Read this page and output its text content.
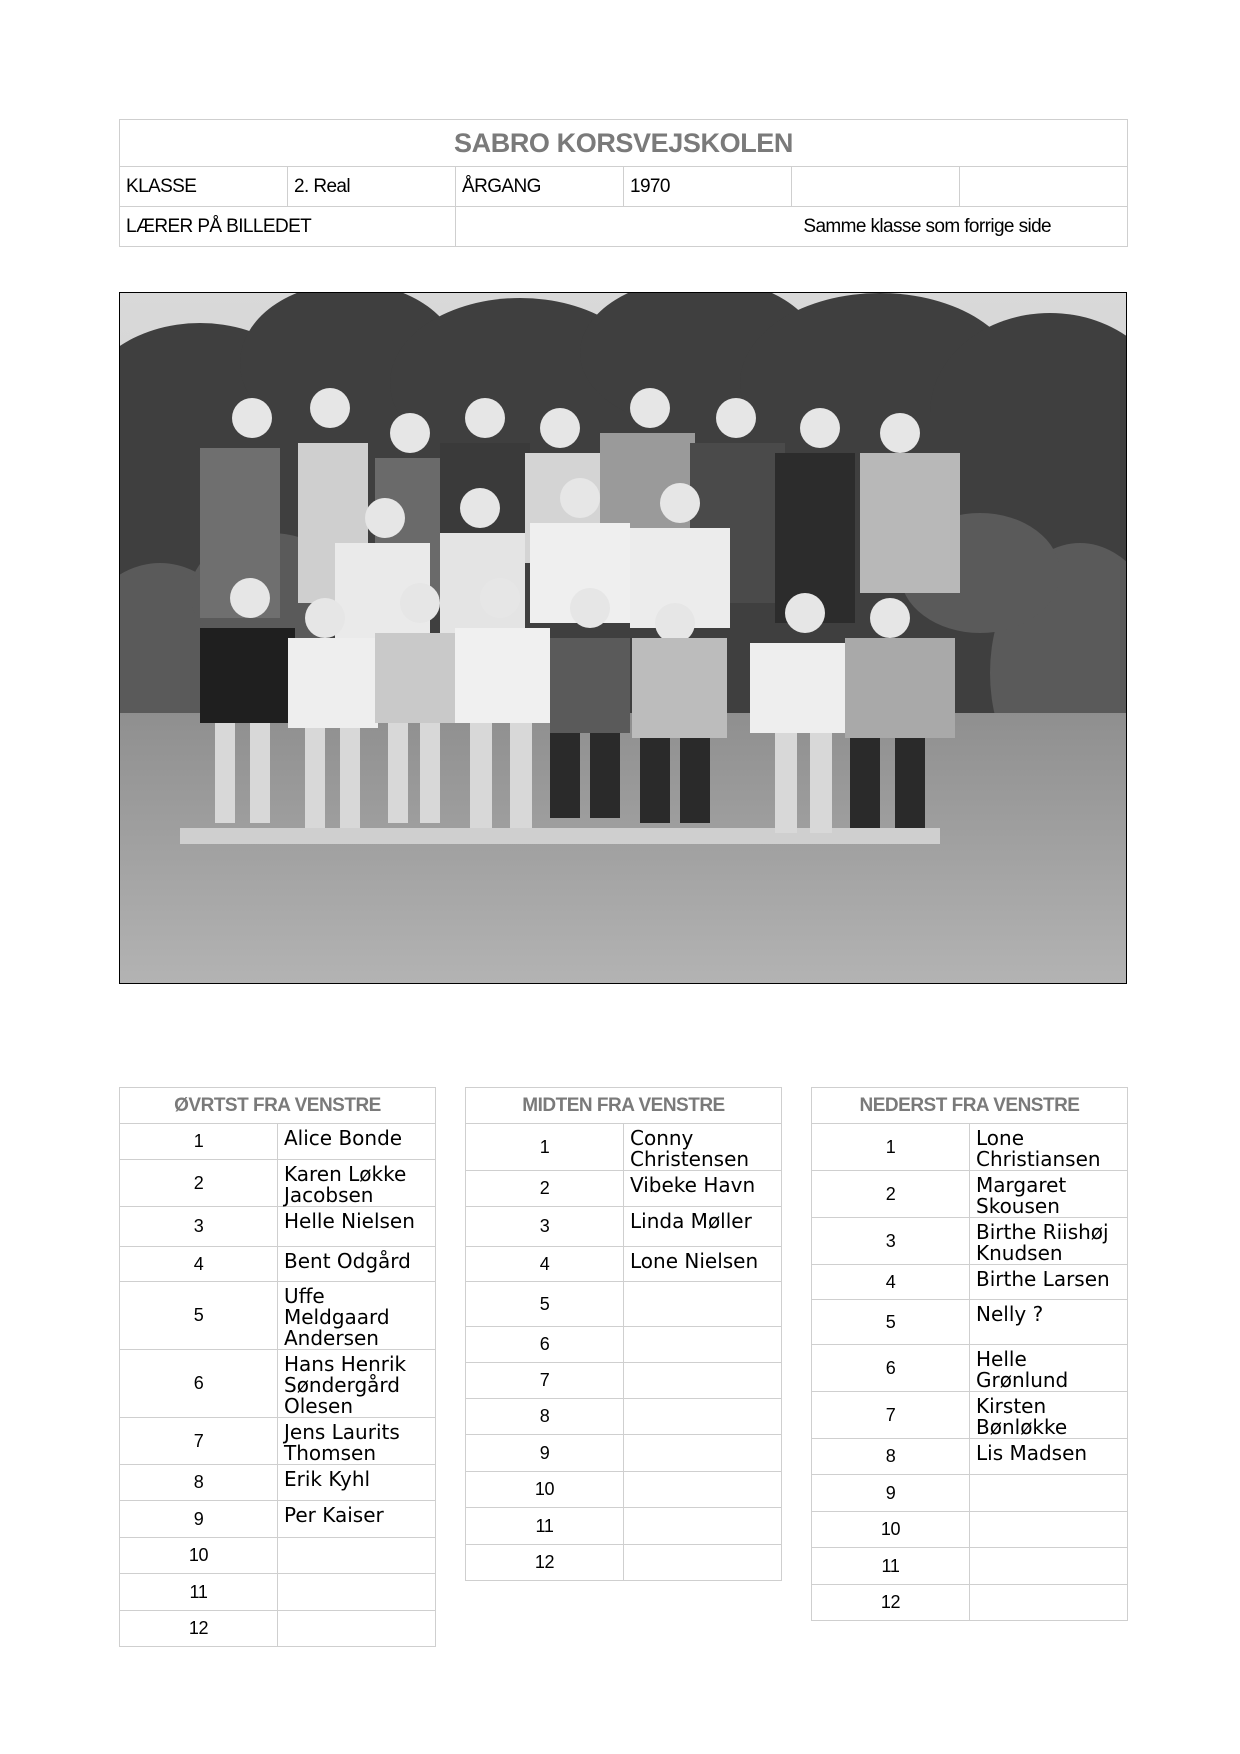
SABRO KORSVEJSKOLEN					
KLASSE	2. Real	ÅRGANG	1970		
LÆRER PÅ BILLEDET		Samme klasse som forrige side			
ØVRTST FRA VENSTRE	
1	Alice Bonde

2	Karen Løkke Jacobsen

3	Helle Nielsen

4	Bent Odgård

5	Uffe Meldgaard Andersen

6	Hans Henrik Søndergård Olesen

7	Jens Laurits Thomsen

8	Erik Kyhl

9	Per Kaiser

10	

11	

12	
MIDTEN FRA VENSTRE	
1	Conny Christensen

2	Vibeke Havn

3	Linda Møller

4	Lone Nielsen

5	

6	

7	

8	

9	

10	

11	

12	
NEDERST FRA VENSTRE	
1	Lone Christiansen

2	Margaret Skousen

3	Birthe Riishøj Knudsen

4	Birthe Larsen

5	Nelly ?

6	Helle Grønlund

7	Kirsten Bønløkke

8	Lis Madsen

9	

10	

11	

12	
